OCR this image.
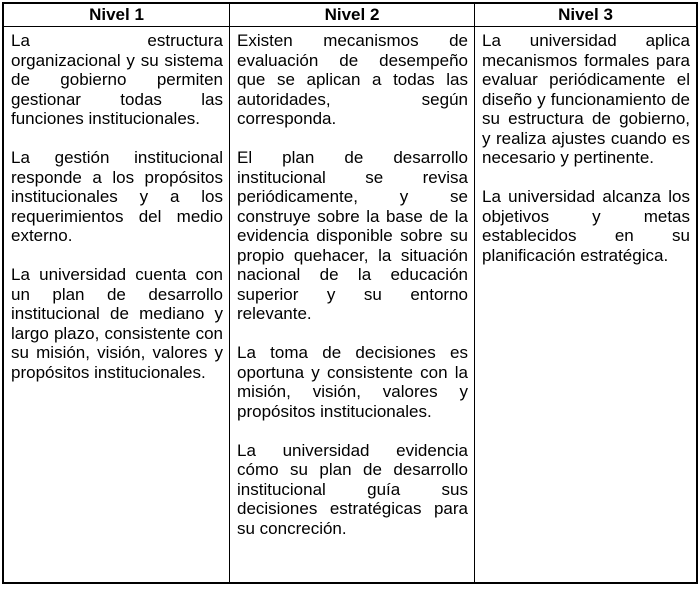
Nivel 1

La estructura organizacional y su sistema de gobierno permiten gestionar todas las funciones institucionales.

La gestión institucional responde a los propósitos institucionales y a los requerimientos del medio externo.

La universidad cuenta con un plan de desarrollo institucional de mediano y largo plazo, consistente con su misión, visión, valores y propósitos institucionales.

Nivel 2

Existen mecanismos de evaluación de desempeño que se aplican a todas las autoridades, según corresponda.

El plan de desarrollo institucional se revisa periódicamente, y se construye sobre la base de la evidencia disponible sobre su propio quehacer, la situación nacional de la educación superior y su entorno relevante.

La toma de decisiones es oportuna y consistente con la misión, visión, valores y propósitos institucionales.

La universidad evidencia cómo su plan de desarrollo institucional guía sus decisiones estratégicas para su concreción.

Nivel 3

La universidad aplica mecanismos formales para evaluar periódicamente el diseño y funcionamiento de su estructura de gobierno, y realiza ajustes cuando es necesario y pertinente.

La universidad alcanza los objetivos y metas establecidos en su planificación estratégica.
